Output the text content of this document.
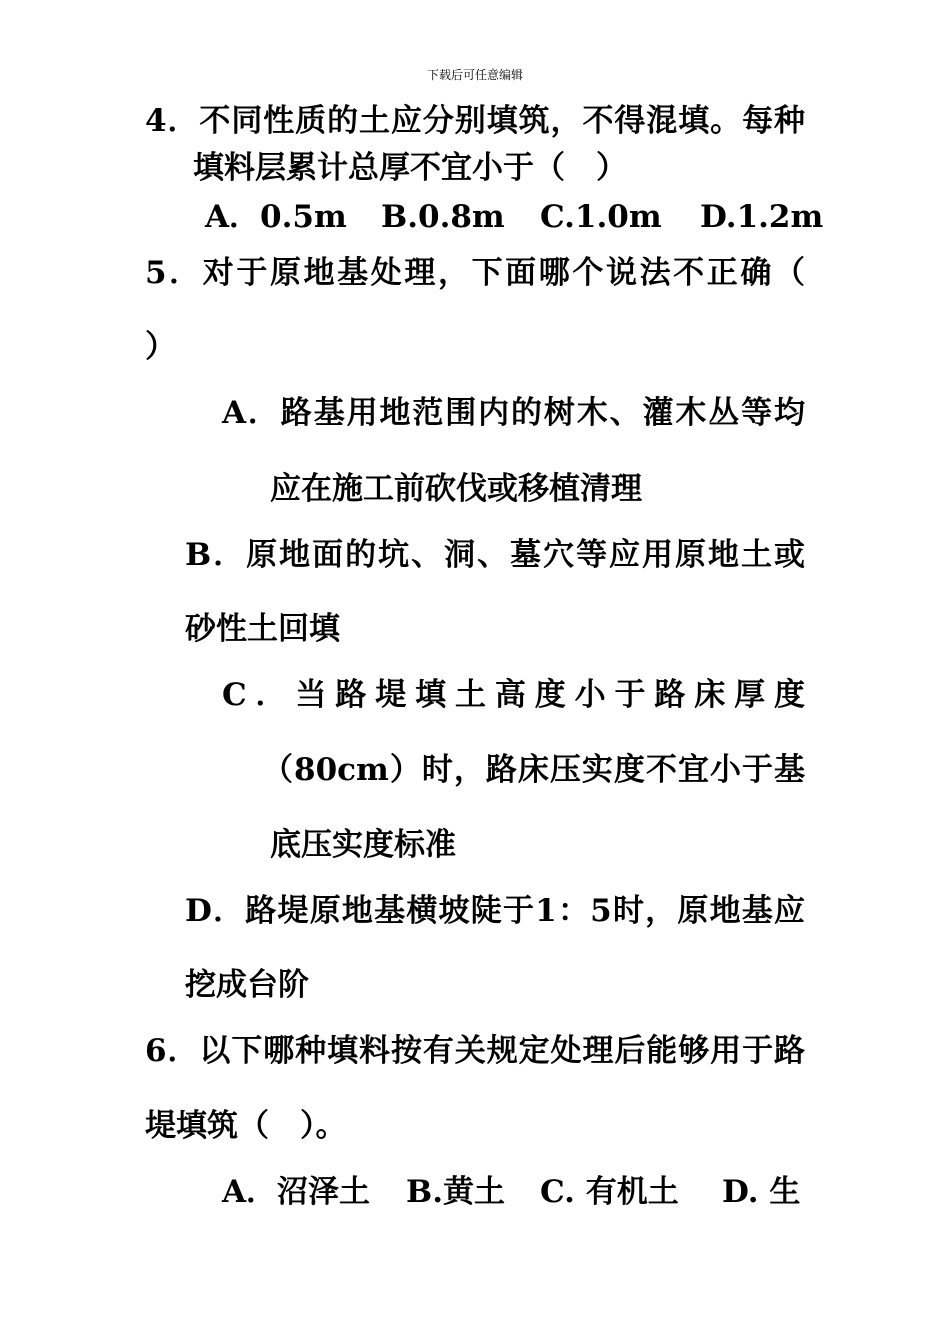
下载后可任意编辑
4．不同性质的土应分别填筑，不得混填。每种
填料层累计总厚不宜小于（　）
A．0.5m B.0.8m C.1.0m D.1.2m
5．对于原地基处理，下面哪个说法不正确（
）
A．路基用地范围内的树木、灌木丛等均
应在施工前砍伐或移植清理
B．原地面的坑、洞、墓穴等应用原地土或
砂性土回填
C．当路堤填土高度小于路床厚度
（80cm）时，路床压实度不宜小于基
底压实度标准
D．路堤原地基横坡陡于1：5时，原地基应
挖成台阶
6．以下哪种填料按有关规定处理后能够用于路
堤填筑（　）。
A．沼泽土 B.黄土 C. 有机土 D. 生
